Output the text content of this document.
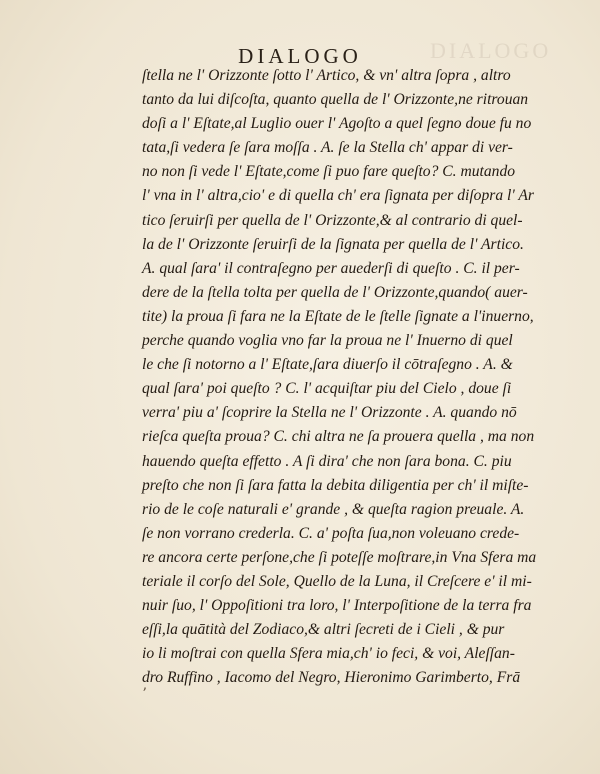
DIALOGO
DIALOGO
ſtella ne l' Orizzonte ſotto l' Artico, & vn' altra ſopra , altro
tanto da lui diſcoſta, quanto quella de l' Orizzonte,ne ritrouan
doſi a l' Eſtate,al Luglio ouer l' Agoſto a quel ſegno doue fu no
tata,ſi vedera ſe ſara moſſa . A. ſe la Stella ch' appar di ver-
no non ſi vede l' Eſtate,come ſi puo fare queſto? C. mutando
l' vna in l' altra,cio' e di quella ch' era ſignata per diſopra l' Ar
tico ſeruirſi per quella de l' Orizzonte,& al contrario di quel-
la de l' Orizzonte ſeruirſi de la ſignata per quella de l' Artico.
A. qual ſara' il contraſegno per auederſi di queſto . C. il per-
dere de la ſtella tolta per quella de l' Orizzonte,quando( auer-
tite) la proua ſi fara ne la Eſtate de le ſtelle ſignate a l'inuerno,
perche quando voglia vno far la proua ne l' Inuerno di quel
le che ſi notorno a l' Eſtate,ſara diuerſo il cōtraſegno . A. &
qual ſara' poi queſto ? C. l' acquiſtar piu del Cielo , doue ſi
verra' piu a' ſcoprire la Stella ne l' Orizzonte . A. quando nō
rieſca queſta proua? C. chi altra ne ſa prouera quella , ma non
hauendo queſta effetto . A ſi dira' che non ſara bona. C. piu
preſto che non ſi ſara fatta la debita diligentia per ch' il miſte-
rio de le coſe naturali e' grande , & queſta ragion preuale. A.
ſe non vorrano crederla. C. a' poſta ſua,non voleuano crede-
re ancora certe perſone,che ſi poteſſe moſtrare,in Vna Sfera ma
teriale il corſo del Sole, Quello de la Luna, il Creſcere e' il mi-
nuir ſuo, l' Oppoſitioni tra loro, l' Interpoſitione de la terra fra
eſſi,la quātità del Zodiaco,& altri ſecreti de i Cieli , & pur
io li moſtrai con quella Sfera mia,ch' io feci, & voi, Aleſſan-
dro Ruffino , Iacomo del Negro, Hieronimo Garimberto, Frā
ʼ
